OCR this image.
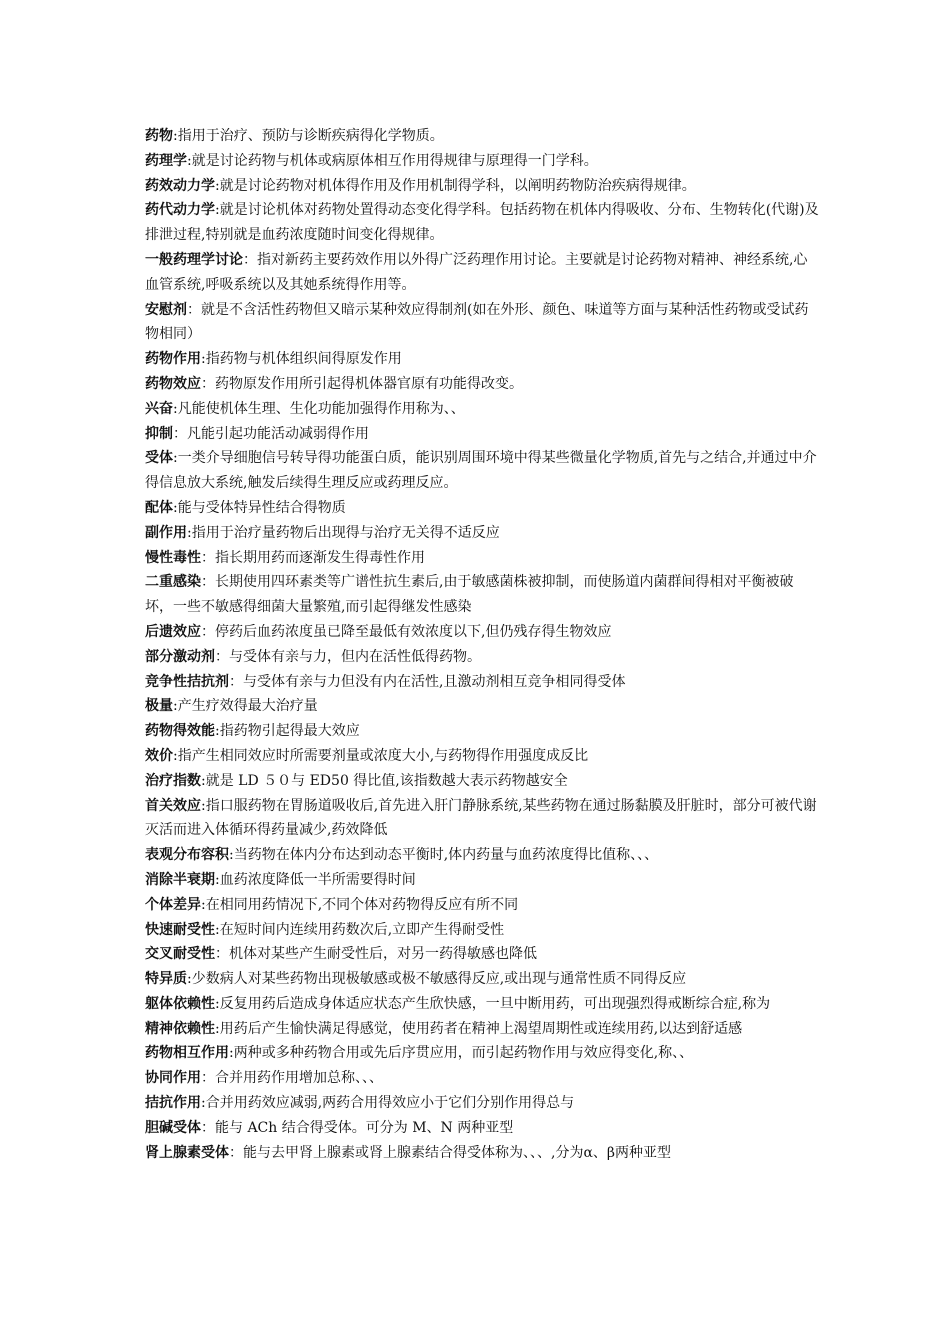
药物:指用于治疗、预防与诊断疾病得化学物质。

药理学:就是讨论药物与机体或病原体相互作用得规律与原理得一门学科。

药效动力学:就是讨论药物对机体得作用及作用机制得学科，以阐明药物防治疾病得规律。

药代动力学:就是讨论机体对药物处置得动态变化得学科。包括药物在机体内得吸收、分布、生物转化(代谢)及排泄过程,特别就是血药浓度随时间变化得规律。

一般药理学讨论：指对新药主要药效作用以外得广泛药理作用讨论。主要就是讨论药物对精神、神经系统,心血管系统,呼吸系统以及其她系统得作用等。

安慰剂：就是不含活性药物但又暗示某种效应得制剂(如在外形、颜色、味道等方面与某种活性药物或受试药物相同）

药物作用:指药物与机体组织间得原发作用

药物效应：药物原发作用所引起得机体器官原有功能得改变。

兴奋:凡能使机体生理、生化功能加强得作用称为、、

抑制：凡能引起功能活动减弱得作用

受体:一类介导细胞信号转导得功能蛋白质，能识别周围环境中得某些微量化学物质,首先与之结合,并通过中介得信息放大系统,触发后续得生理反应或药理反应。

配体:能与受体特异性结合得物质

副作用:指用于治疗量药物后出现得与治疗无关得不适反应

慢性毒性：指长期用药而逐渐发生得毒性作用

二重感染：长期使用四环素类等广谱性抗生素后,由于敏感菌株被抑制，而使肠道内菌群间得相对平衡被破坏，一些不敏感得细菌大量繁殖,而引起得继发性感染

后遗效应：停药后血药浓度虽已降至最低有效浓度以下,但仍残存得生物效应

部分激动剂：与受体有亲与力，但内在活性低得药物。

竞争性拮抗剂：与受体有亲与力但没有内在活性,且激动剂相互竞争相同得受体

极量:产生疗效得最大治疗量

药物得效能:指药物引起得最大效应

效价:指产生相同效应时所需要剂量或浓度大小,与药物得作用强度成反比

治疗指数:就是 LD ５０与 ED50 得比值,该指数越大表示药物越安全

首关效应:指口服药物在胃肠道吸收后,首先进入肝门静脉系统,某些药物在通过肠黏膜及肝脏时，部分可被代谢灭活而进入体循环得药量减少,药效降低

表观分布容积:当药物在体内分布达到动态平衡时,体内药量与血药浓度得比值称、、、

消除半衰期:血药浓度降低一半所需要得时间

个体差异:在相同用药情况下,不同个体对药物得反应有所不同

快速耐受性:在短时间内连续用药数次后,立即产生得耐受性

交叉耐受性：机体对某些产生耐受性后，对另一药得敏感也降低

特异质:少数病人对某些药物出现极敏感或极不敏感得反应,或出现与通常性质不同得反应

躯体依赖性:反复用药后造成身体适应状态产生欣快感，一旦中断用药，可出现强烈得戒断综合症,称为

精神依赖性:用药后产生愉快满足得感觉，使用药者在精神上渴望周期性或连续用药,以达到舒适感

药物相互作用:两种或多种药物合用或先后序贯应用，而引起药物作用与效应得变化,称、、

协同作用：合并用药作用增加总称、、、

拮抗作用:合并用药效应减弱,两药合用得效应小于它们分别作用得总与

胆碱受体：能与 ACh 结合得受体。可分为 M、N 两种亚型

肾上腺素受体：能与去甲肾上腺素或肾上腺素结合得受体称为、、、,分为α、β两种亚型
